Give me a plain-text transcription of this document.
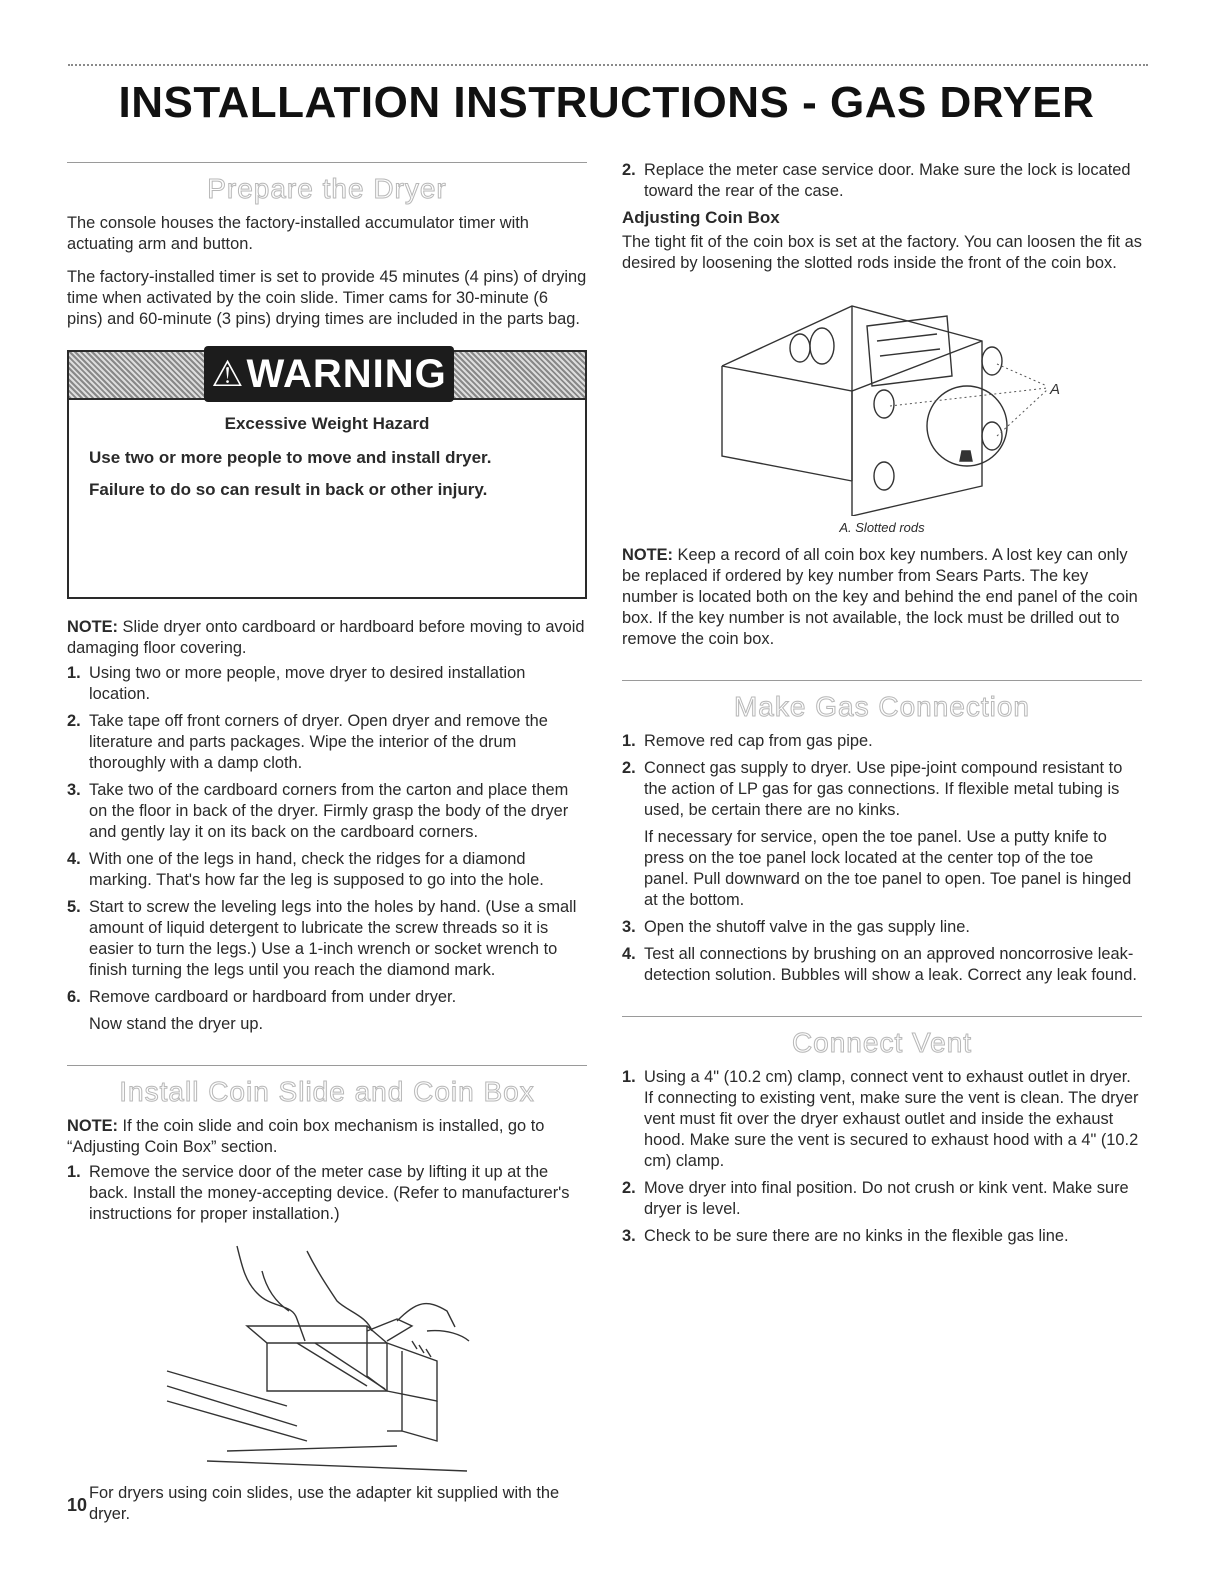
INSTALLATION INSTRUCTIONS - GAS DRYER
Prepare the Dryer

The console houses the factory-installed accumulator timer with actuating arm and button.

The factory-installed timer is set to provide 45 minutes (4 pins) of drying time when activated by the coin slide. Timer cams for 30-minute (6 pins) and 60-minute (3 pins) drying times are included in the parts bag.

⚠ WARNING
Excessive Weight Hazard
Use two or more people to move and install dryer.
Failure to do so can result in back or other injury.

NOTE: Slide dryer onto cardboard or hardboard before moving to avoid damaging floor covering.

1. Using two or more people, move dryer to desired installation location.
2. Take tape off front corners of dryer. Open dryer and remove the literature and parts packages. Wipe the interior of the drum thoroughly with a damp cloth.
3. Take two of the cardboard corners from the carton and place them on the floor in back of the dryer. Firmly grasp the body of the dryer and gently lay it on its back on the cardboard corners.
4. With one of the legs in hand, check the ridges for a diamond marking. That's how far the leg is supposed to go into the hole.
5. Start to screw the leveling legs into the holes by hand. (Use a small amount of liquid detergent to lubricate the screw threads so it is easier to turn the legs.) Use a 1-inch wrench or socket wrench to finish turning the legs until you reach the diamond mark.
6. Remove cardboard or hardboard from under dryer.

Now stand the dryer up.

Install Coin Slide and Coin Box

NOTE: If the coin slide and coin box mechanism is installed, go to “Adjusting Coin Box” section.

1. Remove the service door of the meter case by lifting it up at the back. Install the money-accepting device. (Refer to manufacturer's instructions for proper installation.)

For dryers using coin slides, use the adapter kit supplied with the dryer.

2. Replace the meter case service door. Make sure the lock is located toward the rear of the case.
Adjusting Coin Box

The tight fit of the coin box is set at the factory. You can loosen the fit as desired by loosening the slotted rods inside the front of the coin box.

A
A. Slotted rods

NOTE: Keep a record of all coin box key numbers. A lost key can only be replaced if ordered by key number from Sears Parts. The key number is located both on the key and behind the end panel of the coin box. If the key number is not available, the lock must be drilled out to remove the coin box.

Make Gas Connection
1. Remove red cap from gas pipe.
2. Connect gas supply to dryer. Use pipe-joint compound resistant to the action of LP gas for gas connections. If flexible metal tubing is used, be certain there are no kinks.

If necessary for service, open the toe panel. Use a putty knife to press on the toe panel lock located at the center top of the toe panel. Pull downward on the toe panel to open. Toe panel is hinged at the bottom.

3. Open the shutoff valve in the gas supply line.
4. Test all connections by brushing on an approved noncorrosive leak-detection solution. Bubbles will show a leak. Correct any leak found.
Connect Vent
1. Using a 4" (10.2 cm) clamp, connect vent to exhaust outlet in dryer. If connecting to existing vent, make sure the vent is clean. The dryer vent must fit over the dryer exhaust outlet and inside the exhaust hood. Make sure the vent is secured to exhaust hood with a 4" (10.2 cm) clamp.
2. Move dryer into final position. Do not crush or kink vent. Make sure dryer is level.
3. Check to be sure there are no kinks in the flexible gas line.
10
